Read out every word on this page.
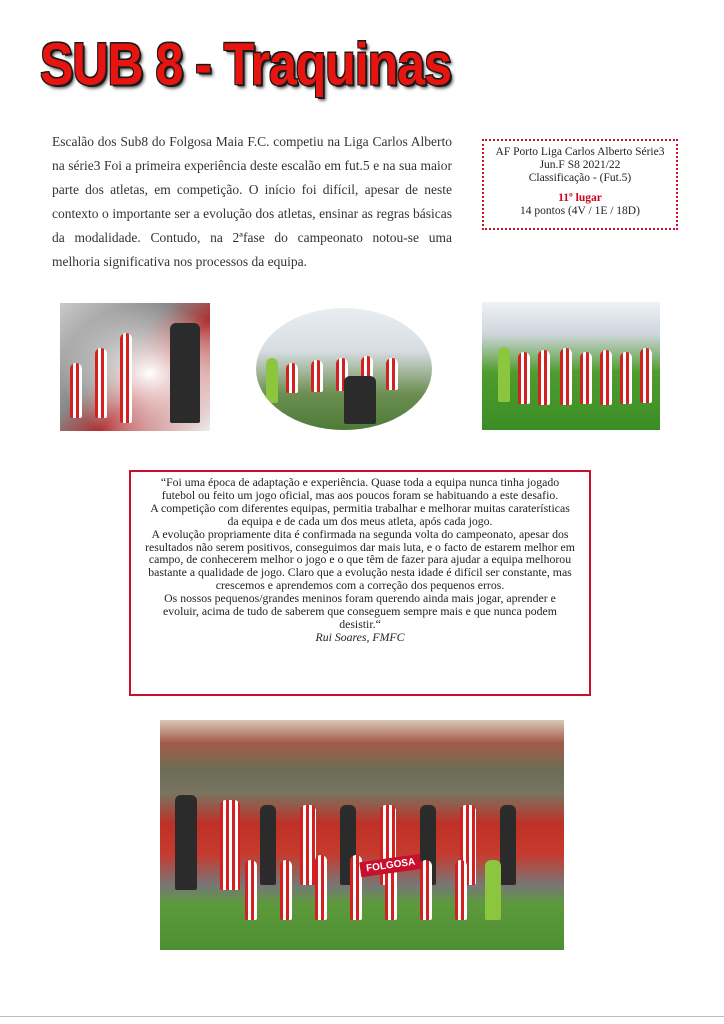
SUB 8 - Traquinas
Escalão dos Sub8 do Folgosa Maia F.C. competiu na Liga Carlos Alberto na série3 Foi a primeira experiência deste escalão em fut.5 e na sua maior parte dos atletas, em competição. O início foi difícil, apesar de neste contexto o importante ser a evolução dos atletas, ensinar as regras básicas da modalidade. Contudo, na 2ªfase do campeonato notou-se uma melhoria significativa nos processos da equipa.
AF Porto Liga Carlos Alberto Série3
Jun.F S8 2021/22
Classificação - (Fut.5)
11º lugar
14 pontos (4V / 1E / 18D)

“Foi uma época de adaptação e experiência. Quase toda a equipa nunca tinha jogado futebol ou feito um jogo oficial, mas aos poucos foram se habituando a este desafio.

A competição com diferentes equipas, permitia trabalhar e melhorar muitas caraterísticas da equipa e de cada um dos meus atleta, após cada jogo.

A evolução propriamente dita é confirmada na segunda volta do campeonato, apesar dos resultados não serem positivos, conseguimos dar mais luta, e o facto de estarem melhor em campo, de conhecerem melhor o jogo e o que têm de fazer para ajudar a equipa melhorou bastante a qualidade de jogo. Claro que a evolução nesta idade é difícil ser constante, mas crescemos e aprendemos com a correção dos pequenos erros.

Os nossos pequenos/grandes meninos foram querendo ainda mais jogar, aprender e evoluir, acima de tudo de saberem que conseguem sempre mais e que nunca podem desistir.“

Rui Soares, FMFC

FOLGOSA
